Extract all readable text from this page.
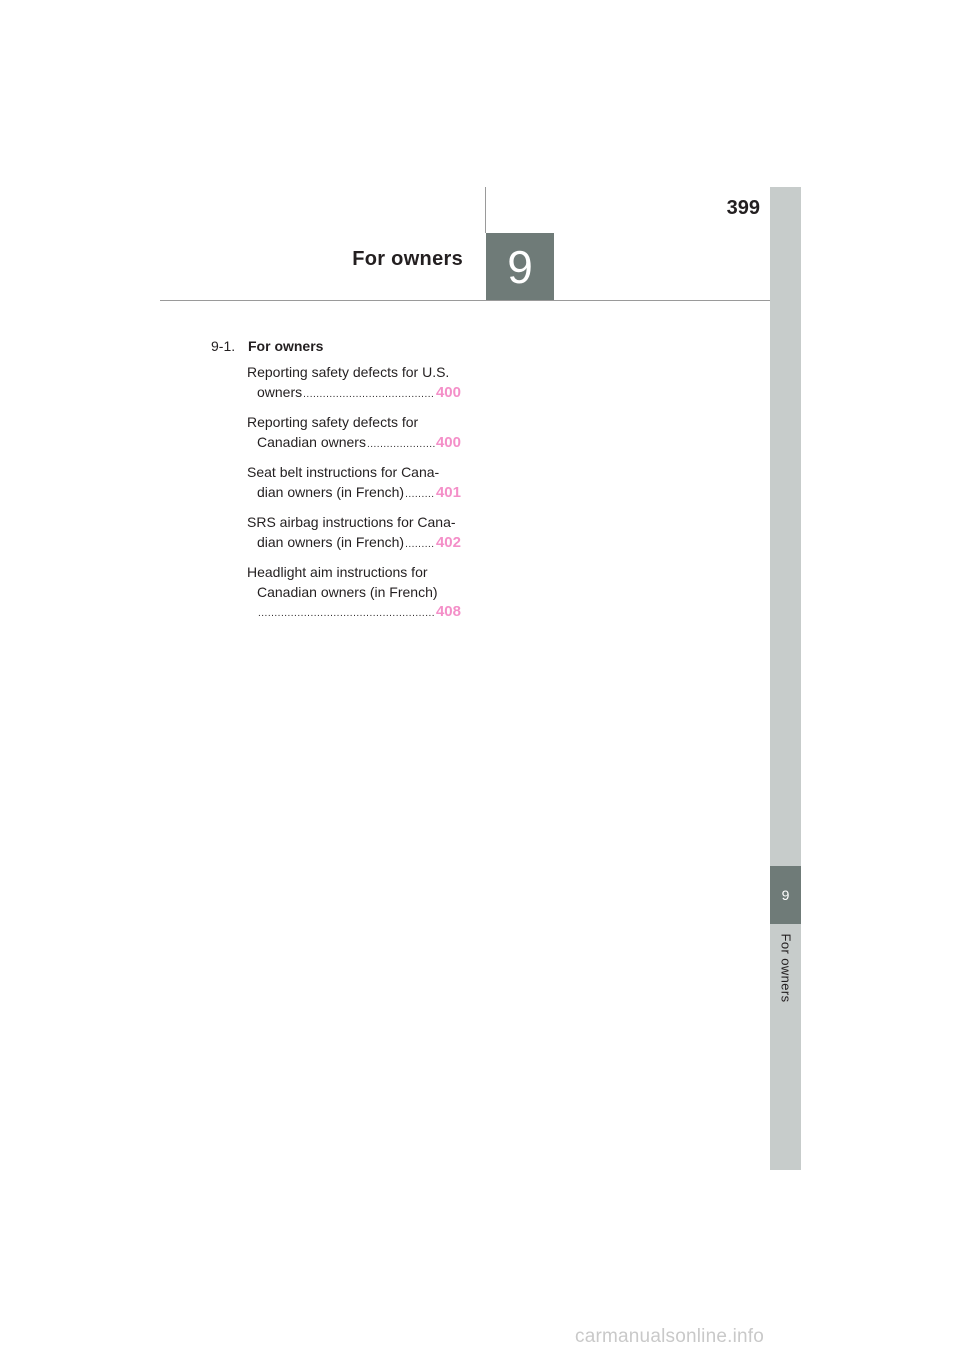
399
For owners 9
9
For owners
9-1. For owners
Reporting safety defects for U.S.
owners .....	400
Reporting safety defects for
Canadian owners .....	400
Seat belt instructions for Cana-
dian owners (in French) ..... 401
SRS airbag instructions for Cana-
dian owners (in French) ..... 402
Headlight aim instructions for
Canadian owners (in French)
.....
408
carmanualsonline.info
